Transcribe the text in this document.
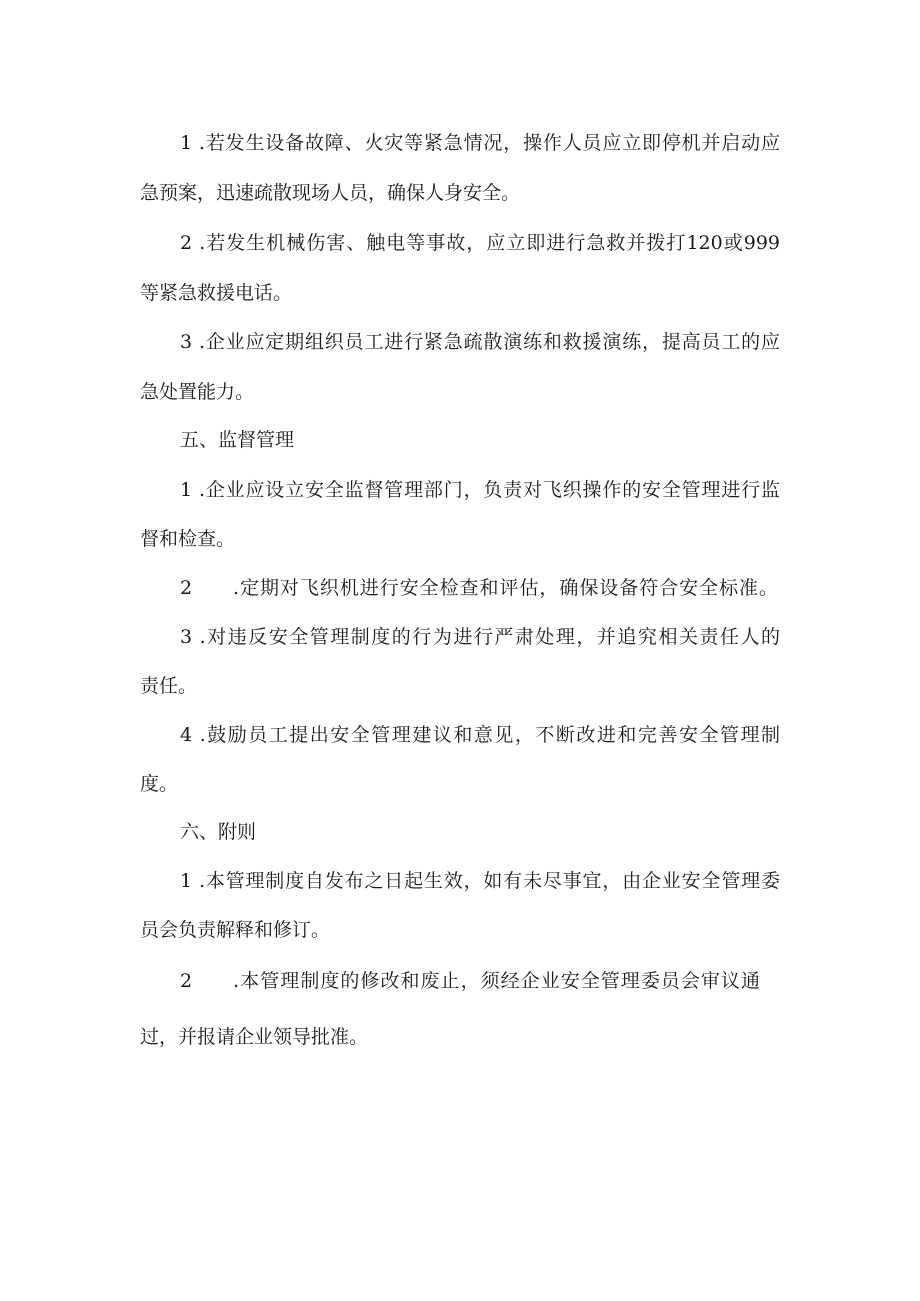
1 .若发生设备故障、火灾等紧急情况，操作人员应立即停机并启动应

急预案，迅速疏散现场人员，确保人身安全。

2 .若发生机械伤害、触电等事故，应立即进行急救并拨打120或999

等紧急救援电话。

3 .企业应定期组织员工进行紧急疏散演练和救援演练，提高员工的应

急处置能力。

五、监督管理

1 .企业应设立安全监督管理部门，负责对飞织操作的安全管理进行监

督和检查。

2　　.定期对飞织机进行安全检查和评估，确保设备符合安全标准。

3 .对违反安全管理制度的行为进行严肃处理，并追究相关责任人的

责任。

4 .鼓励员工提出安全管理建议和意见，不断改进和完善安全管理制

度。

六、附则

1 .本管理制度自发布之日起生效，如有未尽事宜，由企业安全管理委

员会负责解释和修订。

2　　.本管理制度的修改和废止，须经企业安全管理委员会审议通

过，并报请企业领导批准。
